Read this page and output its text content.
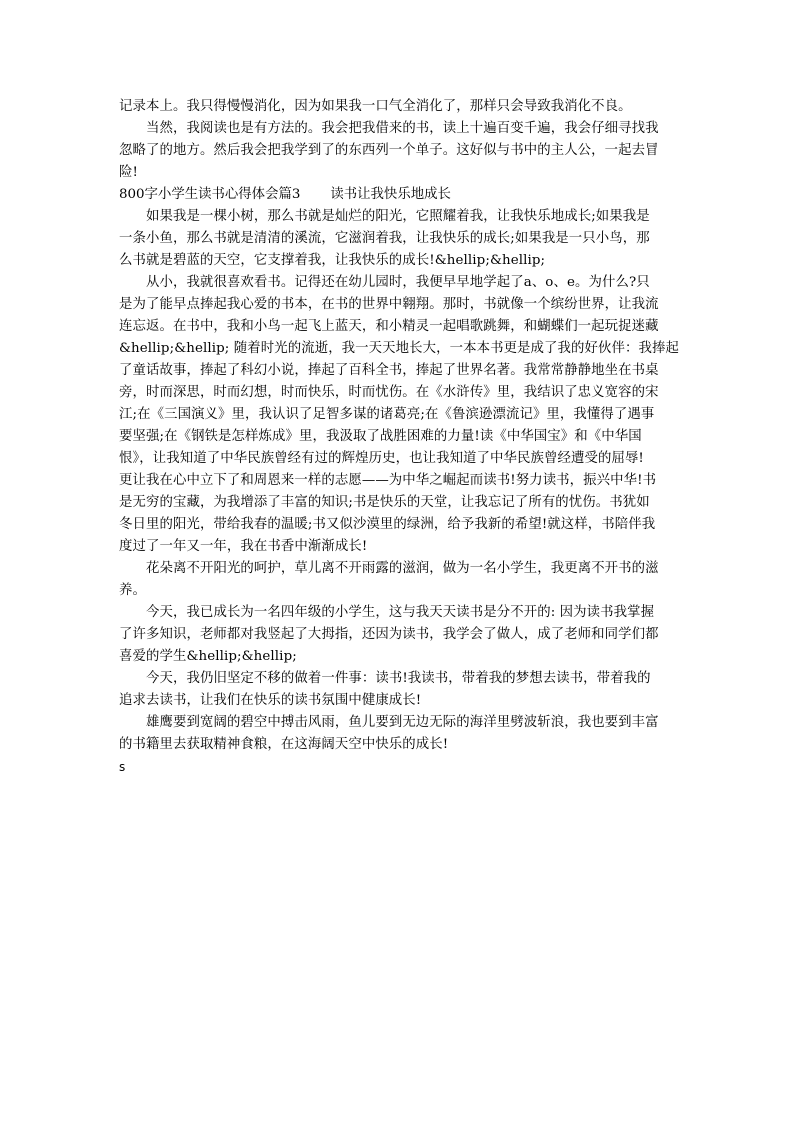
记录本上。我只得慢慢消化，因为如果我一口气全消化了，那样只会导致我消化不良。
当然，我阅读也是有方法的。我会把我借来的书，读上十遍百变千遍，我会仔细寻找我
忽略了的地方。然后我会把我学到了的东西列一个单子。这好似与书中的主人公，一起去冒
险!
800字小学生读书心得体会篇3 读书让我快乐地成长
如果我是一棵小树，那么书就是灿烂的阳光，它照耀着我，让我快乐地成长;如果我是
一条小鱼，那么书就是清清的溪流，它滋润着我，让我快乐的成长;如果我是一只小鸟，那
么书就是碧蓝的天空，它支撑着我，让我快乐的成长!&hellip;&hellip;
从小，我就很喜欢看书。记得还在幼儿园时，我便早早地学起了a、o、e。为什么?只
是为了能早点捧起我心爱的书本，在书的世界中翱翔。那时，书就像一个缤纷世界，让我流
连忘返。在书中，我和小鸟一起飞上蓝天，和小精灵一起唱歌跳舞，和蝴蝶们一起玩捉迷藏
&hellip;&hellip; 随着时光的流逝，我一天天地长大，一本本书更是成了我的好伙伴：我捧起
了童话故事，捧起了科幻小说，捧起了百科全书，捧起了世界名著。我常常静静地坐在书桌
旁，时而深思，时而幻想，时而快乐，时而忧伤。在《水浒传》里，我结识了忠义宽容的宋
江;在《三国演义》里，我认识了足智多谋的诸葛亮;在《鲁滨逊漂流记》里，我懂得了遇事
要坚强;在《钢铁是怎样炼成》里，我汲取了战胜困难的力量!读《中华国宝》和《中华国
恨》，让我知道了中华民族曾经有过的辉煌历史，也让我知道了中华民族曾经遭受的屈辱!
更让我在心中立下了和周恩来一样的志愿——为中华之崛起而读书!努力读书，振兴中华!书
是无穷的宝藏，为我增添了丰富的知识;书是快乐的天堂，让我忘记了所有的忧伤。书犹如
冬日里的阳光，带给我春的温暖;书又似沙漠里的绿洲，给予我新的希望!就这样，书陪伴我
度过了一年又一年，我在书香中渐渐成长!
花朵离不开阳光的呵护，草儿离不开雨露的滋润，做为一名小学生，我更离不开书的滋
养。
今天，我已成长为一名四年级的小学生，这与我天天读书是分不开的: 因为读书我掌握
了许多知识，老师都对我竖起了大拇指，还因为读书，我学会了做人，成了老师和同学们都
喜爱的学生&hellip;&hellip;
今天，我仍旧坚定不移的做着一件事：读书!我读书，带着我的梦想去读书，带着我的
追求去读书，让我们在快乐的读书氛围中健康成长!
雄鹰要到宽阔的碧空中搏击风雨，鱼儿要到无边无际的海洋里劈波斩浪，我也要到丰富
的书籍里去获取精神食粮，在这海阔天空中快乐的成长!
s
